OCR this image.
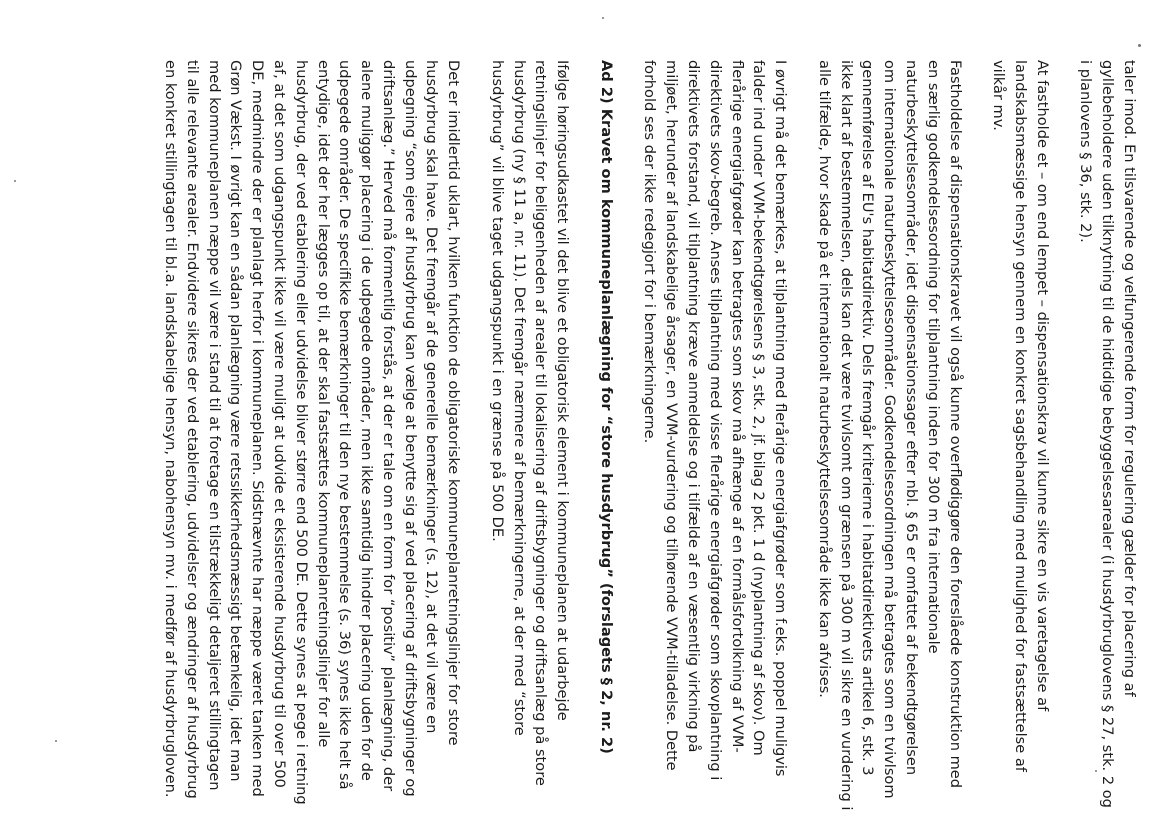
taler imod. En tilsvarende og velfungerende form for regulering gælder for placering af
gyllebeholdere uden tilknytning til de hidtidige bebyggelsesarealer (i husdyrbruglovens § 27, stk. 2 og
i planlovens § 36, stk. 2).
At fastholde et – om end lempet – dispensationskrav vil kunne sikre en vis varetagelse af
landskabsmæssige hensyn gennem en konkret sagsbehandling med mulighed for fastsættelse af
vilkår mv.
Fastholdelse af dispensationskravet vil også kunne overflødiggøre den foreslåede konstruktion med
en særlig godkendelsesordning for tilplantning inden for 300 m fra internationale
naturbeskyttelsesområder, idet dispensationssager efter nbl. § 65 er omfattet af bekendtgørelsen
om internationale naturbeskyttelsesområder. Godkendelsesordningen må betragtes som en tvivlsom
gennemførelse af EU's habitatdirektiv. Dels fremgår kriterierne i habitatdirektivets artikel 6, stk. 3
ikke klart af bestemmelsen, dels kan det være tvivlsomt om grænsen på 300 m vil sikre en vurdering i
alle tilfælde, hvor skade på et internationalt naturbeskyttelsesområde ikke kan afvises.
I øvrigt må det bemærkes, at tilplantning med flerårige energiafgrøder som f.eks. poppel muligvis
falder ind under VVM-bekendtgørelsens § 3, stk. 2, jf. bilag 2 pkt. 1 d (nyplantning af skov). Om
flerårige energiafgrøder kan betragtes som skov må afhænge af en formålsfortolkning af VVM-
direktivets skov-begreb. Anses tilplantning med visse flerårige energiafgrøder som skovplantning i
direktivets forstand, vil tilplantning kræve anmeldelse og i tilfælde af en væsentlig virkning på
miljøet, herunder af landskabelige årsager, en VVM-vurdering og tilhørende VVM-tilladelse. Dette
forhold ses der ikke redegjort for i bemærkningerne.
Ad 2) Kravet om kommuneplanlægning for “store husdyrbrug” (forslagets § 2, nr. 2)
Ifølge høringsudkastet vil det blive et obligatorisk element i kommuneplanen at udarbejde
retningslinjer for beliggenheden af arealer til lokalisering af driftsbygninger og driftsanlæg på store
husdyrbrug (ny § 11 a, nr. 11). Det fremgår nærmere af bemærkningerne, at der med “store
husdyrbrug” vil blive taget udgangspunkt i en grænse på 500 DE.
Det er imidlertid uklart, hvilken funktion de obligatoriske kommuneplanretningslinjer for store
husdyrbrug skal have. Det fremgår af de generelle bemærkninger (s. 12), at det vil være en
udpegning “som ejere af husdyrbrug kan vælge at benytte sig af ved placering af driftsbygninger og
driftsanlæg.” Herved må formentlig forstås, at der er tale om en form for “positiv” planlægning, der
alene muliggør placering i de udpegede områder, men ikke samtidig hindrer placering uden for de
udpegede områder. De specifikke bemærkninger til den nye bestemmelse (s. 36) synes ikke helt så
entydige, idet der her lægges op til, at der skal fastsættes kommuneplanretningslinjer for alle
husdyrbrug, der ved etablering eller udvidelse bliver større end 500 DE. Dette synes at pege i retning
af, at det som udgangspunkt ikke vil være muligt at udvide et eksisterende husdyrbrug til over 500
DE, medmindre der er planlagt herfor i kommuneplanen. Sidstnævnte har næppe været tanken med
Grøn Vækst. I øvrigt kan en sådan planlægning være retssikkerhedsmæssigt betænkelig, idet man
med kommuneplanen næppe vil være i stand til at foretage en tilstrækkeligt detaljeret stillingtagen
til alle relevante arealer. Endvidere sikres der ved etablering, udvidelser og ændringer af husdyrbrug
en konkret stillingtagen til bl.a. landskabelige hensyn, nabohensyn mv. i medfør af husdyrbrugloven.
